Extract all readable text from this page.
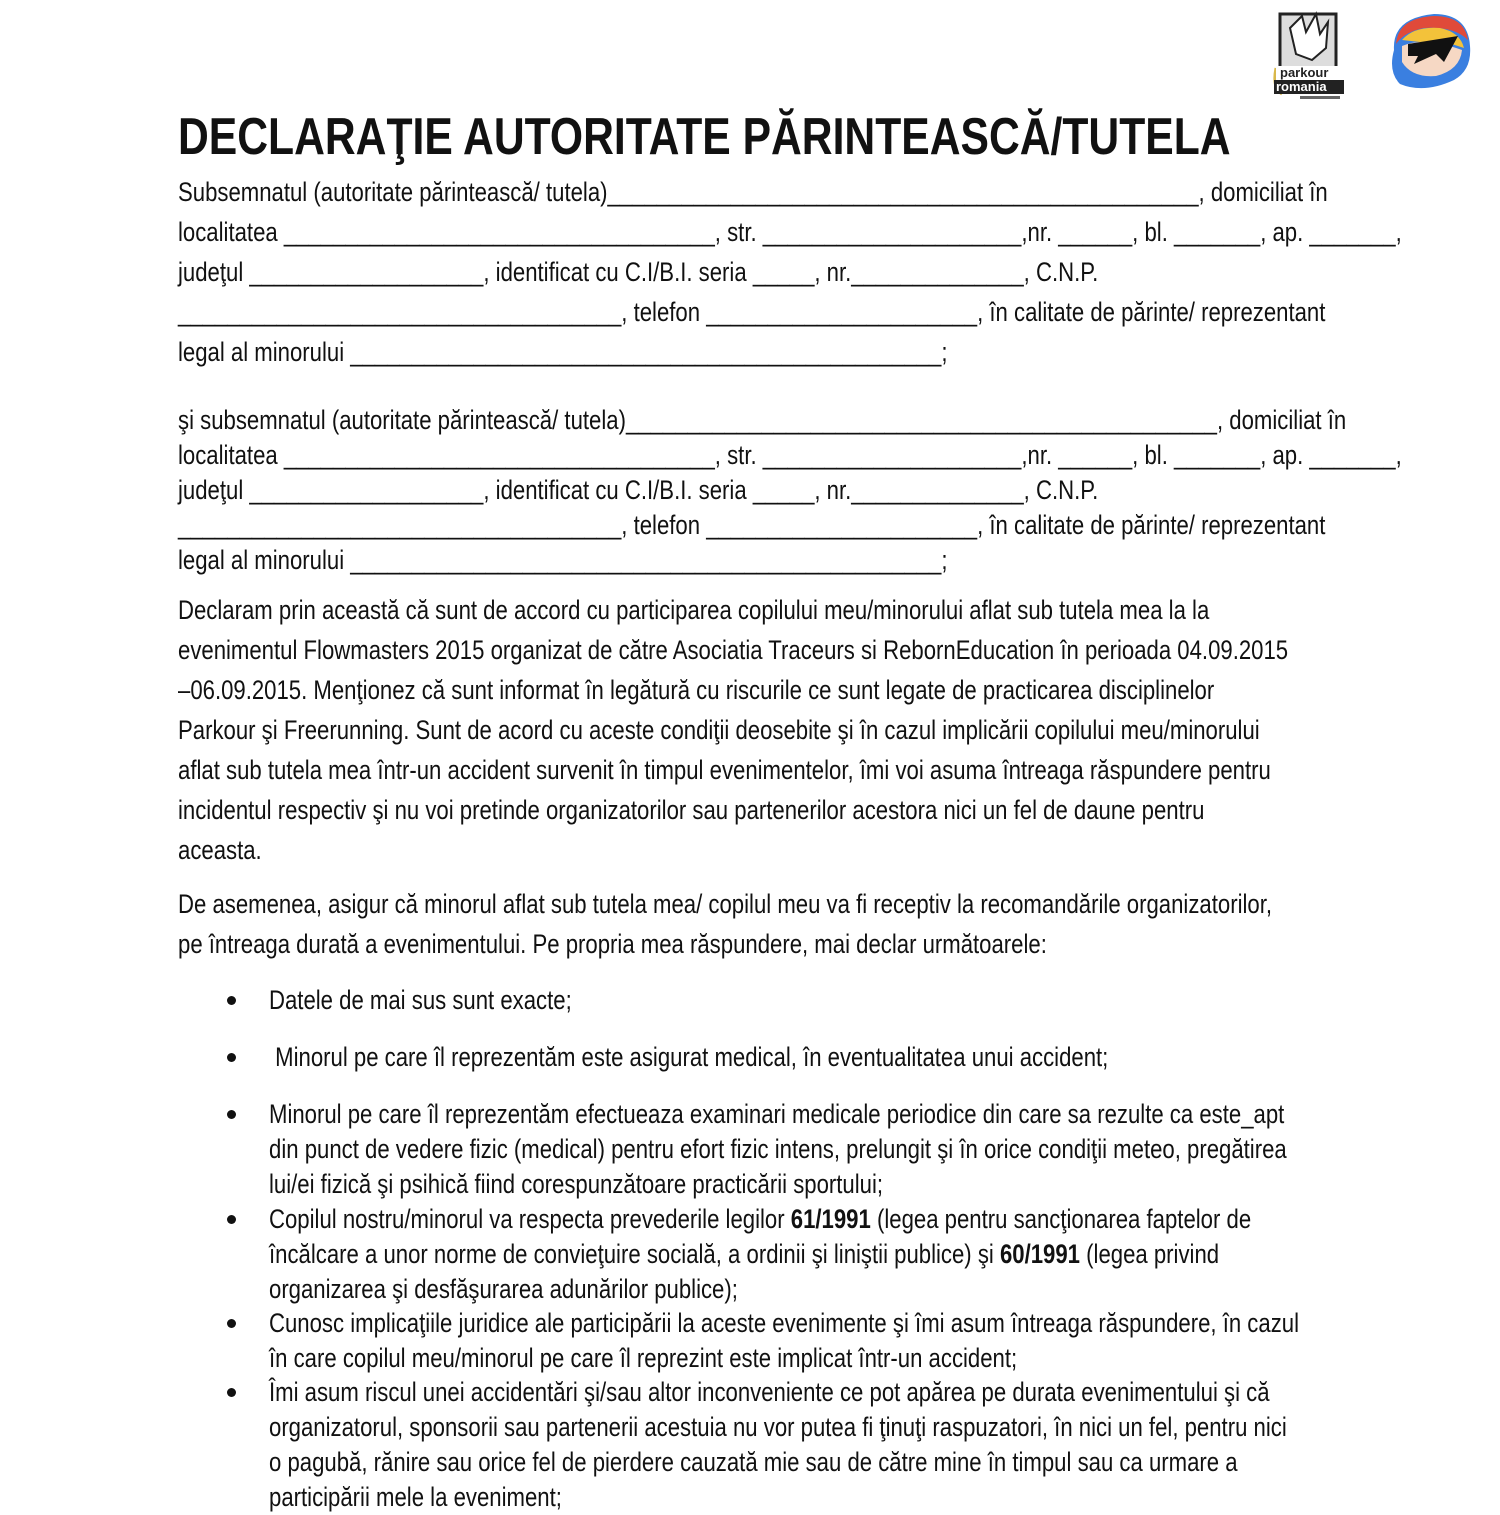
parkour
romania
DECLARAŢIE AUTORITATE PĂRINTEASCĂ/TUTELA
Subsemnatul (autoritate părintească/ tutela)________________________________________________, domiciliat în
localitatea ___________________________________, str. _____________________,nr. ______, bl. _______, ap. _______,
judeţul ___________________, identificat cu C.I/B.I. seria _____, nr.______________, C.N.P.
____________________________________, telefon ______________________, în calitate de părinte/ reprezentant
legal al minorului ________________________________________________;
şi subsemnatul (autoritate părintească/ tutela)________________________________________________, domiciliat în
localitatea ___________________________________, str. _____________________,nr. ______, bl. _______, ap. _______,
judeţul ___________________, identificat cu C.I/B.I. seria _____, nr.______________, C.N.P.
____________________________________, telefon ______________________, în calitate de părinte/ reprezentant
legal al minorului ________________________________________________;
Declaram prin această că sunt de accord cu participarea copilului meu/minorului aflat sub tutela mea la la
evenimentul Flowmasters 2015 organizat de către Asociatia Traceurs si RebornEducation în perioada 04.09.2015
–06.09.2015. Menţionez că sunt informat în legătură cu riscurile ce sunt legate de practicarea disciplinelor
Parkour şi Freerunning. Sunt de acord cu aceste condiţii deosebite şi în cazul implicării copilului meu/minorului
aflat sub tutela mea într-un accident survenit în timpul evenimentelor, îmi voi asuma întreaga răspundere pentru
incidentul respectiv şi nu voi pretinde organizatorilor sau partenerilor acestora nici un fel de daune pentru
aceasta.
De asemenea, asigur că minorul aflat sub tutela mea/ copilul meu va fi receptiv la recomandările organizatorilor,
pe întreaga durată a evenimentului. Pe propria mea răspundere, mai declar următoarele:
Datele de mai sus sunt exacte;
Minorul pe care îl reprezentăm este asigurat medical, în eventualitatea unui accident;
Minorul pe care îl reprezentăm efectueaza examinari medicale periodice din care sa rezulte ca este_apt
din punct de vedere fizic (medical) pentru efort fizic intens, prelungit şi în orice condiţii meteo, pregătirea
lui/ei fizică şi psihică fiind corespunzătoare practicării sportului;
Copilul nostru/minorul va respecta prevederile legilor 61/1991 (legea pentru sancţionarea faptelor de
încălcare a unor norme de convieţuire socială, a ordinii şi liniştii publice) şi 60/1991 (legea privind
organizarea şi desfăşurarea adunărilor publice);
Cunosc implicaţiile juridice ale participării la aceste evenimente şi îmi asum întreaga răspundere, în cazul
în care copilul meu/minorul pe care îl reprezint este implicat într-un accident;
Îmi asum riscul unei accidentări şi/sau altor inconveniente ce pot apărea pe durata evenimentului şi că
organizatorul, sponsorii sau partenerii acestuia nu vor putea fi ţinuţi raspuzatori, în nici un fel, pentru nici
o pagubă, rănire sau orice fel de pierdere cauzată mie sau de către mine în timpul sau ca urmare a
participării mele la eveniment;
